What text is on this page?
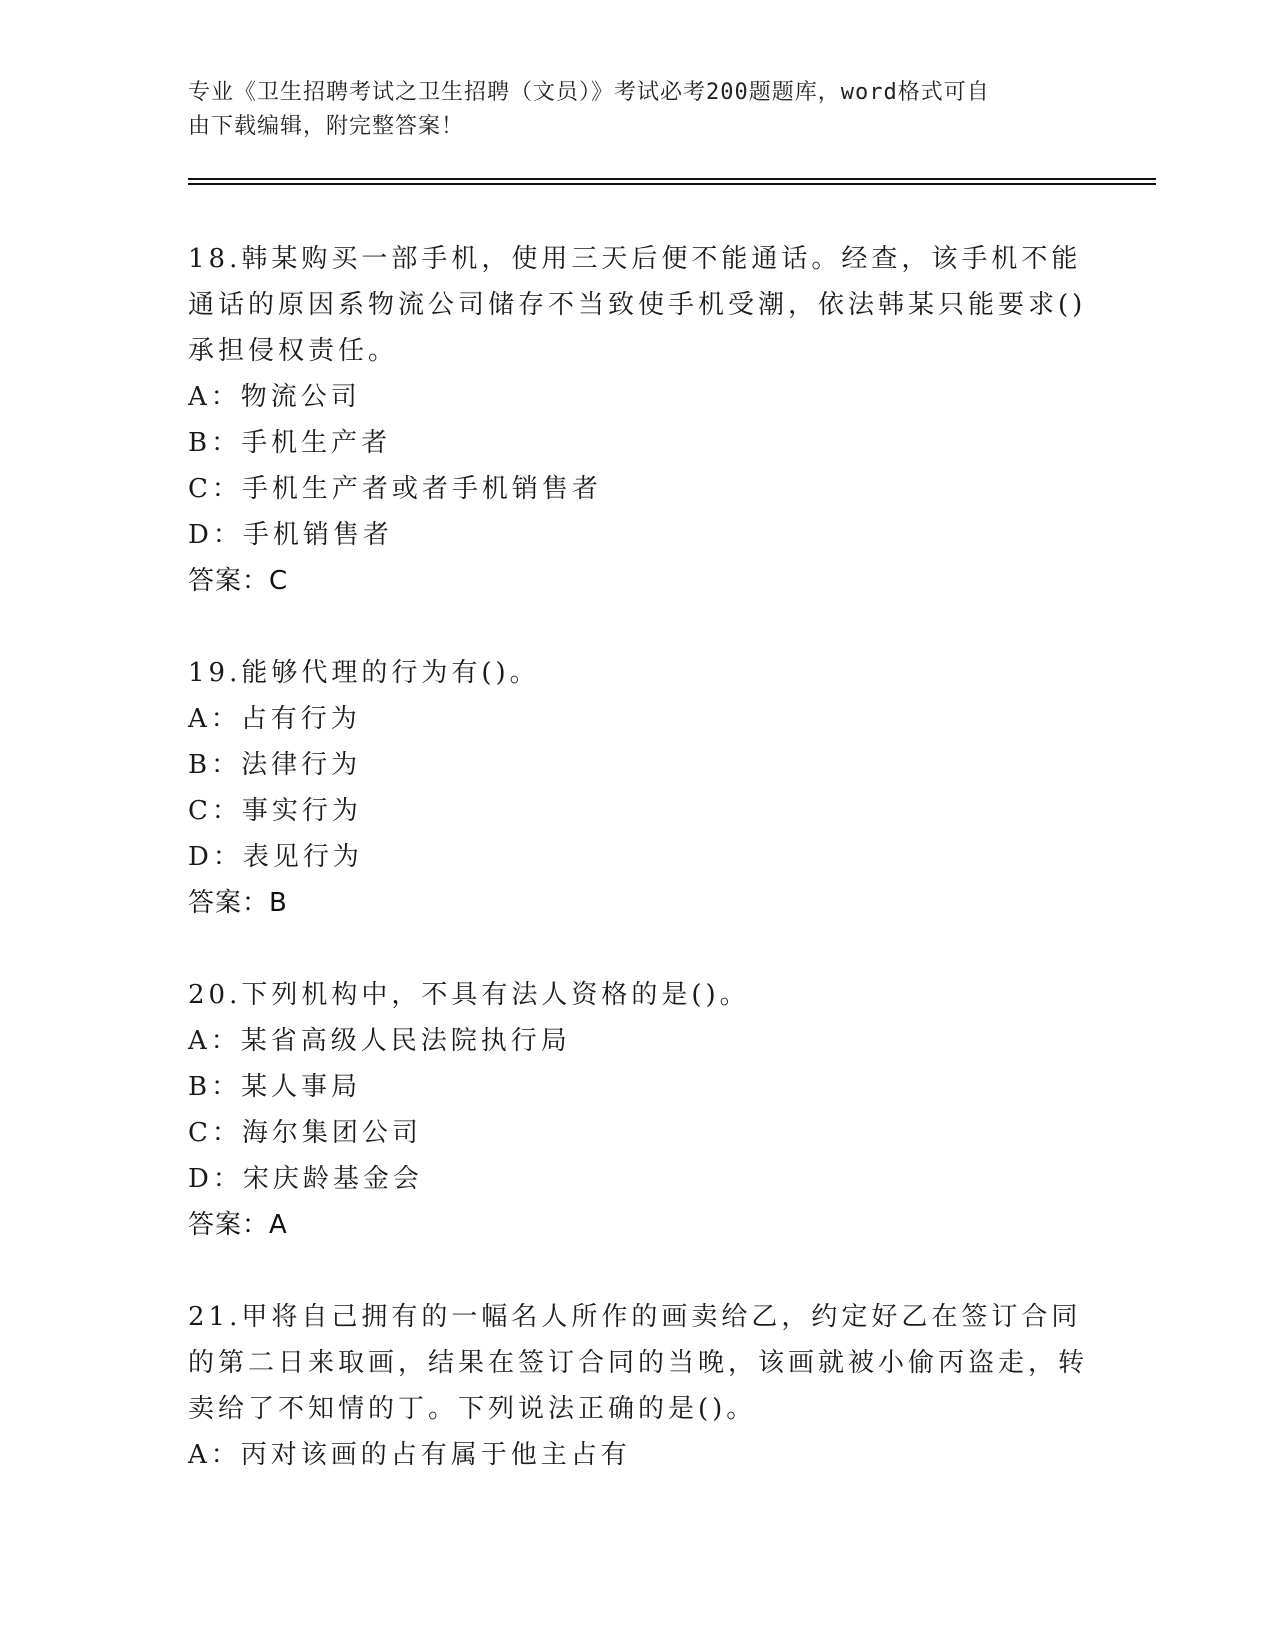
专业《卫生招聘考试之卫生招聘（文员）》考试必考200题题库，word格式可自
由下载编辑，附完整答案！
18.韩某购买一部手机，使用三天后便不能通话。经查，该手机不能通话的原因系物流公司储存不当致使手机受潮，依法韩某只能要求()承担侵权责任。
A：物流公司
B：手机生产者
C：手机生产者或者手机销售者
D：手机销售者
答案：C
19.能够代理的行为有()。
A：占有行为
B：法律行为
C：事实行为
D：表见行为
答案：B
20.下列机构中，不具有法人资格的是()。
A：某省高级人民法院执行局
B：某人事局
C：海尔集团公司
D：宋庆龄基金会
答案：A
21.甲将自己拥有的一幅名人所作的画卖给乙，约定好乙在签订合同的第二日来取画，结果在签订合同的当晚，该画就被小偷丙盗走，转卖给了不知情的丁。下列说法正确的是()。
A：丙对该画的占有属于他主占有
